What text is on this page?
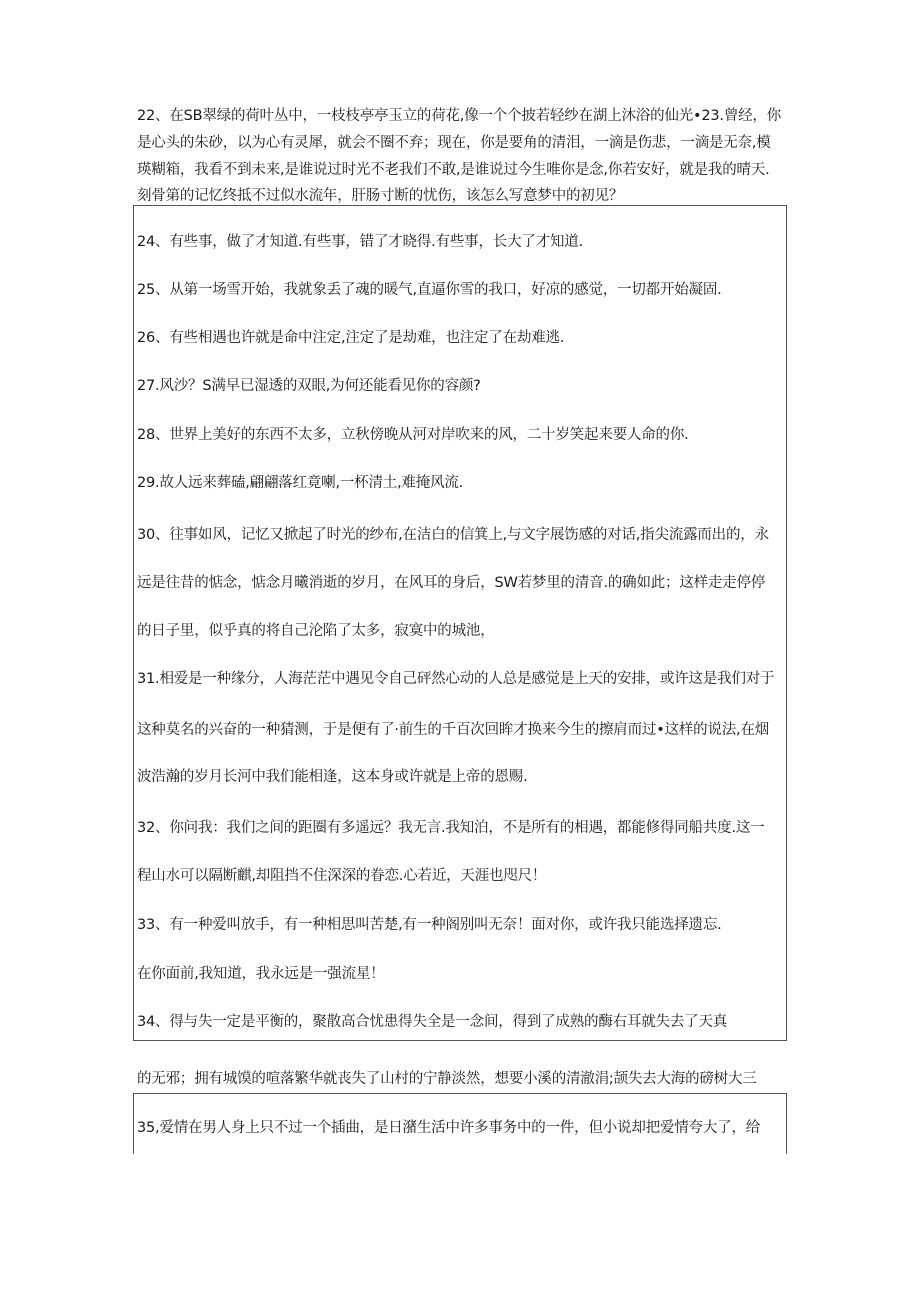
22、在SB翠绿的荷叶丛中，一枝枝亭亭玉立的荷花,像一个个披若轻纱在湖上沐浴的仙光•23.曾经，你
是心头的朱砂，以为心有灵犀，就会不圈不弃；现在，你是要角的清泪，一滴是伤悲，一滴是无奈,模
瑛糊箱，我看不到未来,是谁说过时光不老我们不敢,是谁说过今生唯你是念,你若安好，就是我的晴天.
刻骨第的记忆终抵不过似水流年，肝肠寸断的忧伤，该怎么写意梦中的初见？
24、有些事，做了才知道.有些事，错了才晓得.有些事，长大了才知道.
25、从第一场雪开始，我就象丢了魂的暖气,直逼你雪的我口，好凉的感觉，一切都开始凝固.
26、有些相遇也许就是命中注定,注定了是劫难，也注定了在劫难逃.
27.风沙？S满早已湿透的双眼,为何还能看见你的容颜?
28、世界上美好的东西不太多，立秋傍晚从河对岸吹来的风，二十岁笑起来要人命的你.
29.故人远来葬磕,翩翩落红竟喇,一杯清土,难掩风流.
30、往事如风，记忆又掀起了时光的纱布,在洁白的信箕上,与文字展饬感的对话,指尖流露而出的，永
远是往昔的惦念，惦念月曦消逝的岁月，在风耳的身后，SW若梦里的清音.的确如此；这样走走停停
的日子里，似乎真的将自己沦陷了太多，寂寞中的城池，
31.相爱是一种缘分，人海茫茫中遇见令自己砰然心动的人总是感觉是上天的安排，或许这是我们对于
这种莫名的兴奋的一种猜测，于是便有了·前生的千百次回眸才换来今生的擦肩而过•这样的说法,在烟
波浩瀚的岁月长河中我们能相逢，这本身或许就是上帝的恩赐.
32、你问我：我们之间的距圈有多遥远？我无言.我知泊，不是所有的相遇，都能修得同船共度.这一
程山水可以隔断麒,却阻挡不住深深的眷恋.心若近，天涯也咫尺！
33、有一种爱叫放手，有一种相思叫苦楚,有一种阁别叫无奈！面对你，或许我只能选择遗忘.
在你面前,我知道，我永远是一强流星！
34、得与失一定是平衡的，聚散高合忧患得失全是一念间，得到了成熟的酶右耳就失去了天真
的无邪；拥有城馍的喧落繁华就丧失了山村的宁静淡然，想要小溪的清澈涓;颉失去大海的磅树大三
35,爱情在男人身上只不过一个插曲，是日潴生活中许多事务中的一件，但小说却把爱情夸大了，给
